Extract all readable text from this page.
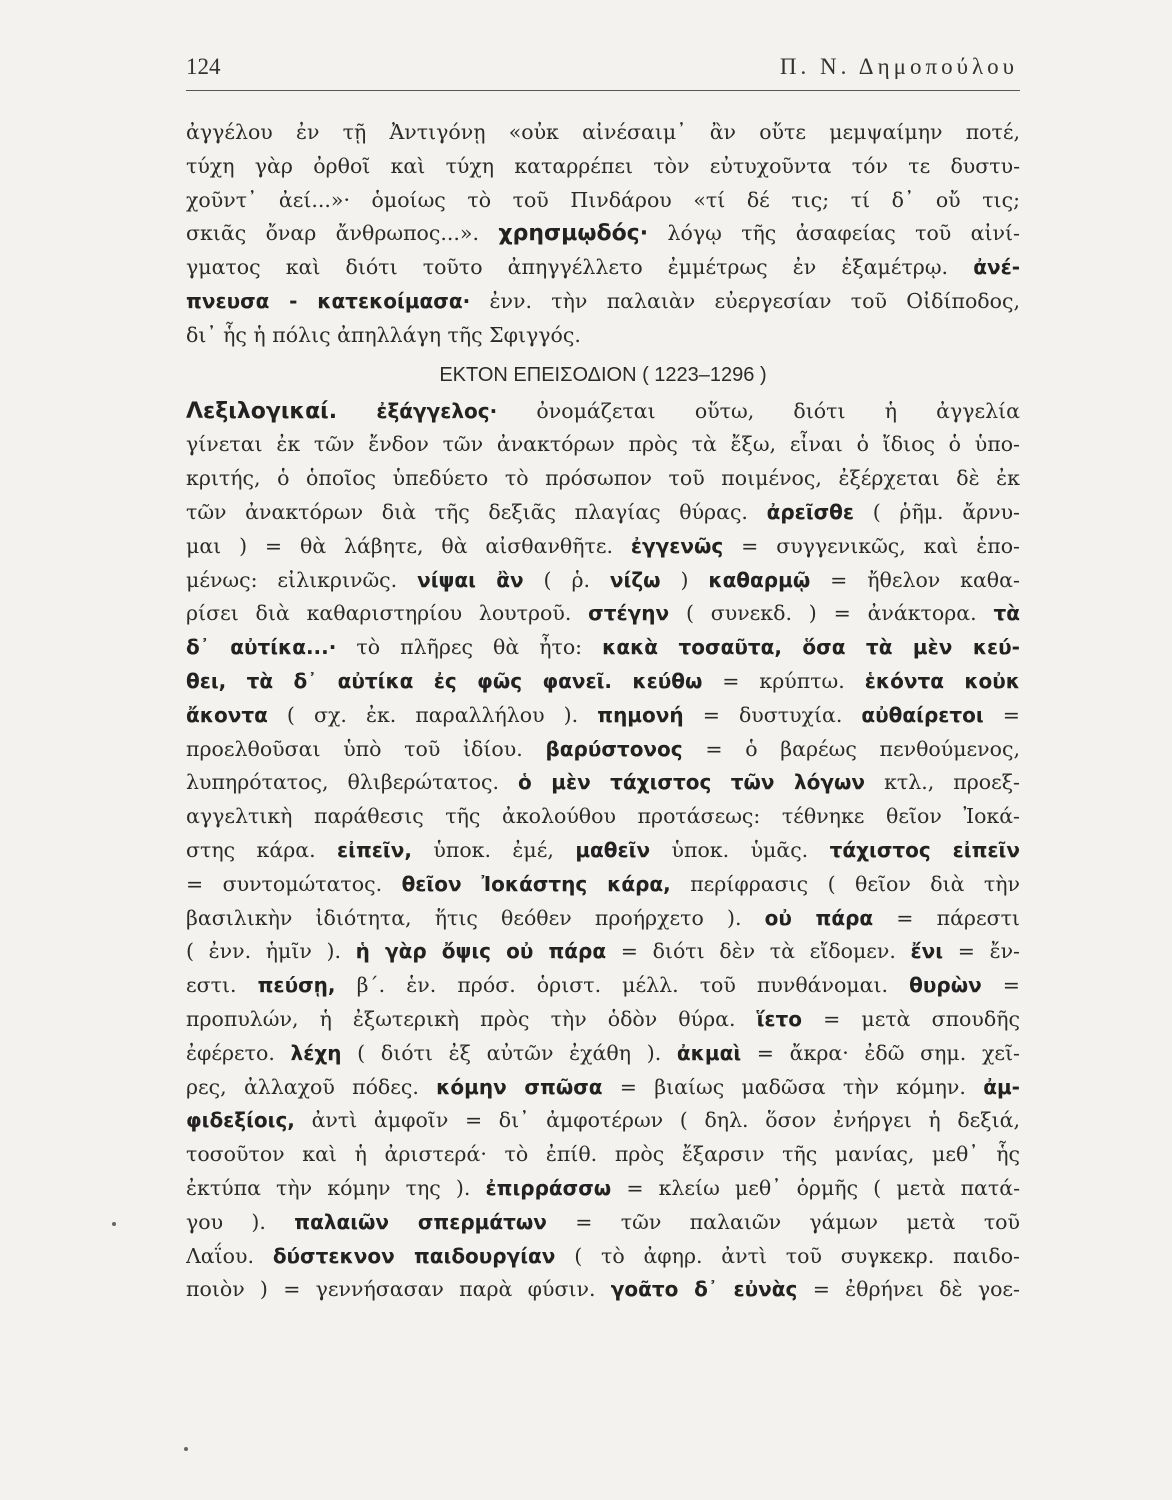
124	Π. Ν. Δημοπούλου
ἀγγέλου ἐν τῇ Ἀντιγόνῃ «οὐκ αἰνέσαιμ᾽ ἂν οὔτε μεμψαίμην ποτέ,
τύχη γὰρ ὀρθοῖ καὶ τύχη καταρρέπει τὸν εὐτυχοῦντα τόν τε δυστυ-
χοῦντ᾽ ἀεί...»· ὁμοίως τὸ τοῦ Πινδάρου «τί δέ τις; τί δ᾽ οὔ τις;
σκιᾶς ὄναρ ἄνθρωπος...». χρησμῳδός· λόγῳ τῆς ἀσαφείας τοῦ αἰνί-
γματος καὶ διότι τοῦτο ἀπηγγέλλετο ἐμμέτρως ἐν ἑξαμέτρῳ. ἀνέ-
πνευσα - κατεκοίμασα· ἐνν. τὴν παλαιὰν εὐεργεσίαν τοῦ Οἰδίποδος,
δι᾽ ἧς ἡ πόλις ἀπηλλάγη τῆς Σφιγγός.
ΕΚΤΟΝ ΕΠΕΙΣΟΔΙΟΝ ( 1223–1296 )
Λεξιλογικαί. ἐξάγγελος· ὀνομάζεται οὕτω, διότι ἡ ἀγγελία
γίνεται ἐκ τῶν ἔνδον τῶν ἀνακτόρων πρὸς τὰ ἔξω, εἶναι ὁ ἴδιος ὁ ὑπο-
κριτής, ὁ ὁποῖος ὑπεδύετο τὸ πρόσωπον τοῦ ποιμένος, ἐξέρχεται δὲ ἐκ
τῶν ἀνακτόρων διὰ τῆς δεξιᾶς πλαγίας θύρας. ἀρεῖσθε ( ῥῆμ. ἄρνυ-
μαι ) = θὰ λάβητε, θὰ αἰσθανθῆτε. ἐγγενῶς = συγγενικῶς, καὶ ἑπο-
μένως: εἰλικρινῶς. νίψαι ἂν ( ῥ. νίζω ) καθαρμῷ = ἤθελον καθα-
ρίσει διὰ καθαριστηρίου λουτροῦ. στέγην ( συνεκδ. ) = ἀνάκτορα. τὰ
δ᾽ αὐτίκα...· τὸ πλῆρες θὰ ἦτο: κακὰ τοσαῦτα, ὅσα τὰ μὲν κεύ-
θει, τὰ δ᾽ αὐτίκα ἐς φῶς φανεῖ. κεύθω = κρύπτω. ἑκόντα κοὐκ
ἄκοντα ( σχ. ἐκ. παραλλήλου ). πημονή = δυστυχία. αὐθαίρετοι =
προελθοῦσαι ὑπὸ τοῦ ἰδίου. βαρύστονος = ὁ βαρέως πενθούμενος,
λυπηρότατος, θλιβερώτατος. ὁ μὲν τάχιστος τῶν λόγων κτλ., προεξ-
αγγελτικὴ παράθεσις τῆς ἀκολούθου προτάσεως: τέθνηκε θεῖον Ἰοκά-
στης κάρα. εἰπεῖν, ὑποκ. ἐμέ, μαθεῖν ὑποκ. ὑμᾶς. τάχιστος εἰπεῖν
= συντομώτατος. θεῖον Ἰοκάστης κάρα, περίφρασις ( θεῖον διὰ τὴν
βασιλικὴν ἰδιότητα, ἥτις θεόθεν προήρχετο ). οὐ πάρα = πάρεστι
( ἐνν. ἡμῖν ). ἡ γὰρ ὄψις οὐ πάρα = διότι δὲν τὰ εἴδομεν. ἔνι = ἔν-
εστι. πεύσῃ, β΄. ἑν. πρόσ. ὁριστ. μέλλ. τοῦ πυνθάνομαι. θυρὼν =
προπυλών, ἡ ἐξωτερικὴ πρὸς τὴν ὁδὸν θύρα. ἵετο = μετὰ σπουδῆς
ἐφέρετο. λέχη ( διότι ἐξ αὐτῶν ἐχάθη ). ἀκμαὶ = ἄκρα· ἐδῶ σημ. χεῖ-
ρες, ἀλλαχοῦ πόδες. κόμην σπῶσα = βιαίως μαδῶσα τὴν κόμην. ἀμ-
φιδεξίοις, ἀντὶ ἀμφοῖν = δι᾽ ἀμφοτέρων ( δηλ. ὅσον ἐνήργει ἡ δεξιά,
τοσοῦτον καὶ ἡ ἀριστερά· τὸ ἐπίθ. πρὸς ἔξαρσιν τῆς μανίας, μεθ᾽ ἧς
ἐκτύπα τὴν κόμην της ). ἐπιρράσσω = κλείω μεθ᾽ ὁρμῆς ( μετὰ πατά-
γου ). παλαιῶν σπερμάτων = τῶν παλαιῶν γάμων μετὰ τοῦ
Λαΐου. δύστεκνον παιδουργίαν ( τὸ ἀφηρ. ἀντὶ τοῦ συγκεκρ. παιδο-
ποιὸν ) = γεννήσασαν παρὰ φύσιν. γοᾶτο δ᾽ εὐνὰς = ἐθρήνει δὲ γοε-
